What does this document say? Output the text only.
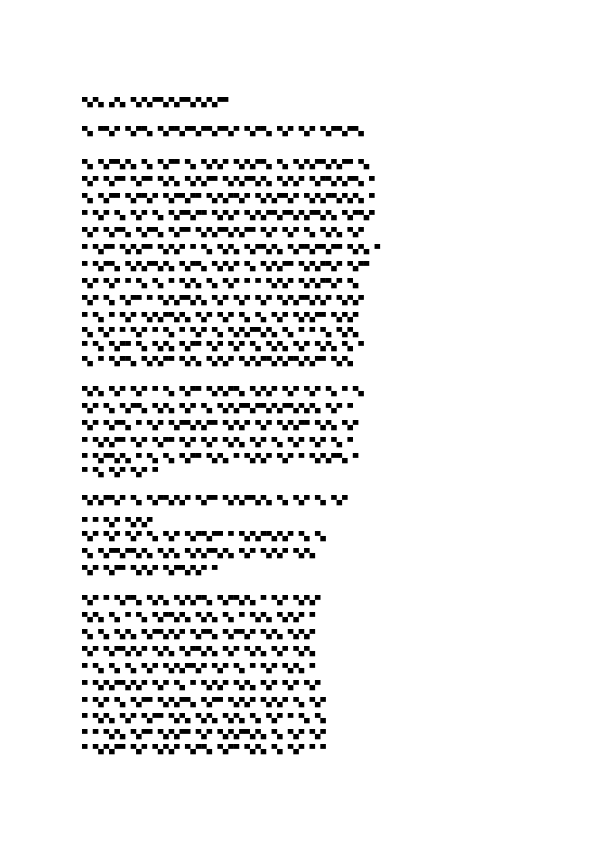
▀▄▀▄ ▄▀▄ ▀▄▀▄▀▀▄▀▄▀▀▄▀▄▀▄▀▀
▀▄ ▀▀▄▀ ▀▄▀▀▄ ▀▄▀▀▄▀▀▄▀▀▄▀▀▄▀ ▀▄▀▀▄ ▀▄▀ ▀▄▀ ▀▄▀▀▄▀▀▄
▀▄ ▀▄▀▀▄▀▄ ▀▄ ▀▄▀▀ ▀▄ ▀▄▀▄▀ ▀▄▀▄▀▀▄ ▀▄ ▀▄▀▄▀▀▄▀▄▀▀ ▀▄
▀▄▀ ▀▄▀▀ ▀▄▀▀ ▀▄▀▄ ▀▄▀▄▀▀ ▀▄▀▄▀▀▄▀▄ ▀▄▀▄▀ ▀▄▀▀▄▀▄▀▀▄ ▀
▀▄ ▀▄▀▀ ▀▄▀▀▄▀ ▀▄▀▀▄▀▀ ▀▄▀▄▀▀▄▀ ▀▄▀▄▀▀▄▀ ▀▄▀▄▀▀▄▀▄▀▄ ▀
▀ ▀▄▀ ▀▄ ▀▄▀ ▀▄ ▀▄▀▀▄▀▀ ▀▄▀▄▀ ▀▄▀▄▀▀▄▀▀▄▀▄▀▀▄▀▄ ▀▄▀▀▄▀
▀▄▀ ▀▄▀▀▄ ▀▄▀▀▄ ▀▄▀▀ ▀▄▀▄▀▀▄▀▄▀▀ ▀▄▀ ▀▄▀ ▀▄ ▀▄▀▄ ▀▄▀
▀ ▀▄▀▀ ▀▄▀▄▀▀ ▀▄▀▄▀ ▀ ▀▄ ▀▄▀▄ ▀▄▀▀▄▀▄ ▀▄▀▀▄▀▀▄▀▀ ▀▄▀▄ ▀
▀ ▀▄▀▀▄ ▀▄▀▄▀▀▄▀▄ ▀▄▀▀▄ ▀▄▀▄▀ ▀▄ ▀▄▀▄▀▀ ▀▄▀▄▀▀▄▀ ▀▄▀▀
▀▄▀ ▀▄▀ ▀ ▀▄ ▀▄ ▀ ▀▄▀▄ ▀▄ ▀▄▀ ▀ ▀ ▀▄▀▄▀ ▀▄▀▄▀▀▄▀ ▀▄
▀▄▀ ▀▄ ▀▄▀▀ ▀ ▀▄▀▄▀▀▄▀▄ ▀▄▀ ▀▄▀ ▀▄▀ ▀▄▀▄▀▀▄▀▄▀ ▀▄▀▄▀
▀ ▀▄ ▀ ▀▄▀ ▀▄▀▄▀▀▄▀▄ ▀▄▀ ▀▄▀ ▀▄ ▀▄ ▀▄▀ ▀▄▀▄▀▀ ▀▄▀▄▀
▀▄ ▀▄▀ ▀ ▀▄▀ ▀ ▀▄ ▀ ▀▄▀ ▀▄ ▀▄▀▄▀▀▄▀▄ ▀▄ ▀ ▀ ▀▄ ▀▄▀▄
▀ ▀▄ ▀▄▀▀ ▀▄ ▀▄▀▄ ▀▄▀▀ ▀▄▀ ▀▄▀ ▀▄ ▀▄▀▄ ▀▄▀ ▀▄▀▄ ▀▄ ▀
▀▄ ▀ ▀▄▀▀▄ ▀▄▀▄▀▀ ▀▄▀▄ ▀▄▀▄▀ ▀▄▀▄▀▀▄▀▄▀▀▄▀▄▀▀ ▀▄▀▄
▀▄▀▄ ▀▄▀ ▀▄▀ ▀ ▀▄ ▀▄▀▀ ▀▄▀▄▀▀▄ ▀▄▀▄▀ ▀▄▀ ▀▄▀ ▀▄ ▀ ▀▄
▀▄▀ ▀▄ ▀▄▀▀▄ ▀▄▀▄ ▀▄▀ ▀▄ ▀▄▀▄▀▀▄▀▀▄▀▄▀▀▄▀▄▀▄ ▀▄▀ ▀
▀▄▀ ▀▄▀▀▄ ▀ ▀▄▀ ▀▄▀▀▄▀▄▀▀ ▀▄▀▄▀ ▀▄▀ ▀▄▀▄▀▀ ▀▄▀▄ ▀▄▀
▀ ▀▄▀▄▀▀ ▀▄▀ ▀▄▀▀ ▀▄▀ ▀▄▀ ▀▄▀▄ ▀▄▀ ▀▄ ▀▄▀ ▀▄▀ ▀▄ ▀
▀ ▀▄▀▀▄▀▄ ▀ ▀▄ ▀▄ ▀▄▀▀ ▀▄▀▄ ▀ ▀▄▀▄▀ ▀▄▀ ▀ ▀▄▀▄▀▀▄ ▀
▀ ▀▄ ▀▄▀ ▀▄▀ ▀
▀▄▀▄▀▀▄▀ ▀▄ ▀▄▀▀▄▀▄▀ ▀▄▀▀ ▀▄▀▄▀▀▄▀▄ ▀▄ ▀▄▀ ▀▄ ▀▄▀
▀ ▀ ▀▄▀ ▀▄▀▄▀
▀▄▀ ▀▄▀ ▀▄▀ ▀▄ ▀▄▀ ▀▄▀▀▄▀▀ ▀ ▀▄▀▄▀▀▄▀▄▀ ▀▄ ▀▄
▀▄ ▀▄▀▀▄▀▀▄▀▄ ▀▄▀▄ ▀▄▀▄▀▀▄▀▄ ▀▄▀ ▀▄▀▄▀ ▀▄▀▄
▀▄▀ ▀▄▀▀ ▀▄▀▄▀ ▀▄▀▀▄▀▄▀ ▀
▀▄▀ ▀ ▀▄▀▀▄ ▀▄▀▄ ▀▄▀▄▀▀▄ ▀▄▀▀▄▀▄ ▀ ▀▄▀ ▀▄▀▄▀
▀▄▀▄ ▀▄ ▀ ▀▄ ▀▄▀▀▄▀▄ ▀▄▀▄ ▀▄ ▀ ▀▄▀▄ ▀▄▀▄▀ ▀
▀▄ ▀▄ ▀▄▀▄ ▀▄▀▀▄▀▄▀ ▀▄▀▀▄ ▀▄▀▀▄▀ ▀▄▀▄ ▀▄▀▄▀
▀▄▀ ▀▄▀▀▄▀▄▀ ▀▄▀▄ ▀▄▀▀▄▀▄ ▀▄▀ ▀▄▀▄ ▀▄▀ ▀▄▀▄
▀ ▀▄ ▀▄ ▀▄ ▀▄▀ ▀▄▀▄▀▀▄▀ ▀▄▀ ▀▄ ▀ ▀▄▀ ▀▄▀▄ ▀
▀ ▀▄▀▄▀▀▄▀▄▀ ▀▄▀ ▀▄ ▀ ▀▄▀▄▀ ▀▄▀▄ ▀▄▀ ▀▄▀ ▀▄▀
▀ ▀▄▀ ▀▄ ▀▄▀▀ ▀▄▀▄▀▀▄ ▀▄▀▀ ▀▄▀▄▀ ▀▄▀▄▀ ▀▄ ▀▄▀
▀ ▀▄▀▄ ▀▄▀ ▀▄▀▀ ▀▄▀▄ ▀▄▀▄ ▀▄▀▄ ▀▄ ▀▄▀ ▀ ▀▄ ▀▄
▀ ▀ ▀▄▀▄ ▀▄▀▀ ▀▄▀▄▀▀ ▀▄▀ ▀▄▀▄▀▀▄▀▄ ▀▄ ▀▄▀ ▀▄▀
▀ ▀▄▀▄▀▀ ▀▄▀ ▀▄▀▄▀ ▀▄▀▀▄ ▀▄▀▀ ▀▄▀▄ ▀▄ ▀▄▀ ▀ ▀
